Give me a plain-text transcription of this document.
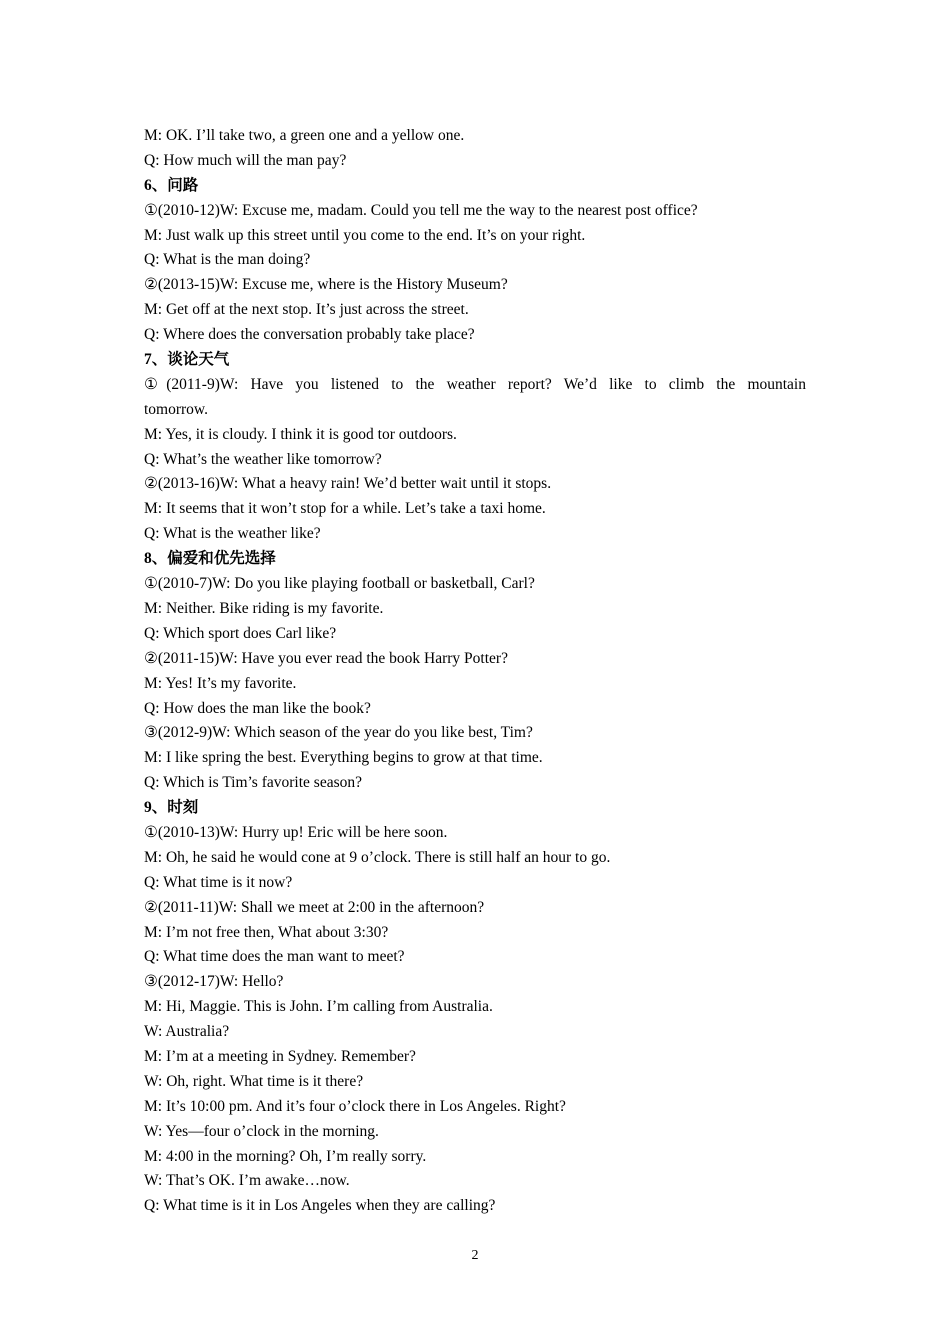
M: OK. I’ll take two, a green one and a yellow one.
Q: How much will the man pay?
6、问路
①(2010-12)W: Excuse me, madam. Could you tell me the way to the nearest post office?
M: Just walk up this street until you come to the end. It’s on your right.
Q: What is the man doing?
②(2013-15)W: Excuse me, where is the History Museum?
M: Get off at the next stop. It’s just across the street.
Q: Where does the conversation probably take place?
7、谈论天气
①(2011-9)W: Have you listened to the weather report? We’d like to climb the mountain
tomorrow.
M: Yes, it is cloudy. I think it is good tor outdoors.
Q: What’s the weather like tomorrow?
②(2013-16)W: What a heavy rain! We’d better wait until it stops.
M: It seems that it won’t stop for a while. Let’s take a taxi home.
Q: What is the weather like?
8、偏爱和优先选择
①(2010-7)W: Do you like playing football or basketball, Carl?
M: Neither. Bike riding is my favorite.
Q: Which sport does Carl like?
②(2011-15)W: Have you ever read the book Harry Potter?
M: Yes! It’s my favorite.
Q: How does the man like the book?
③(2012-9)W: Which season of the year do you like best, Tim?
M: I like spring the best. Everything begins to grow at that time.
Q: Which is Tim’s favorite season?
9、时刻
①(2010-13)W: Hurry up! Eric will be here soon.
M: Oh, he said he would cone at 9 o’clock. There is still half an hour to go.
Q: What time is it now?
②(2011-11)W: Shall we meet at 2:00 in the afternoon?
M: I’m not free then, What about 3:30?
Q: What time does the man want to meet?
③(2012-17)W: Hello?
M: Hi, Maggie. This is John. I’m calling from Australia.
W: Australia?
M: I’m at a meeting in Sydney. Remember?
W: Oh, right. What time is it there?
M: It’s 10:00 pm. And it’s four o’clock there in Los Angeles. Right?
W: Yes—four o’clock in the morning.
M: 4:00 in the morning? Oh, I’m really sorry.
W: That’s OK. I’m awake…now.
Q: What time is it in Los Angeles when they are calling?
2
